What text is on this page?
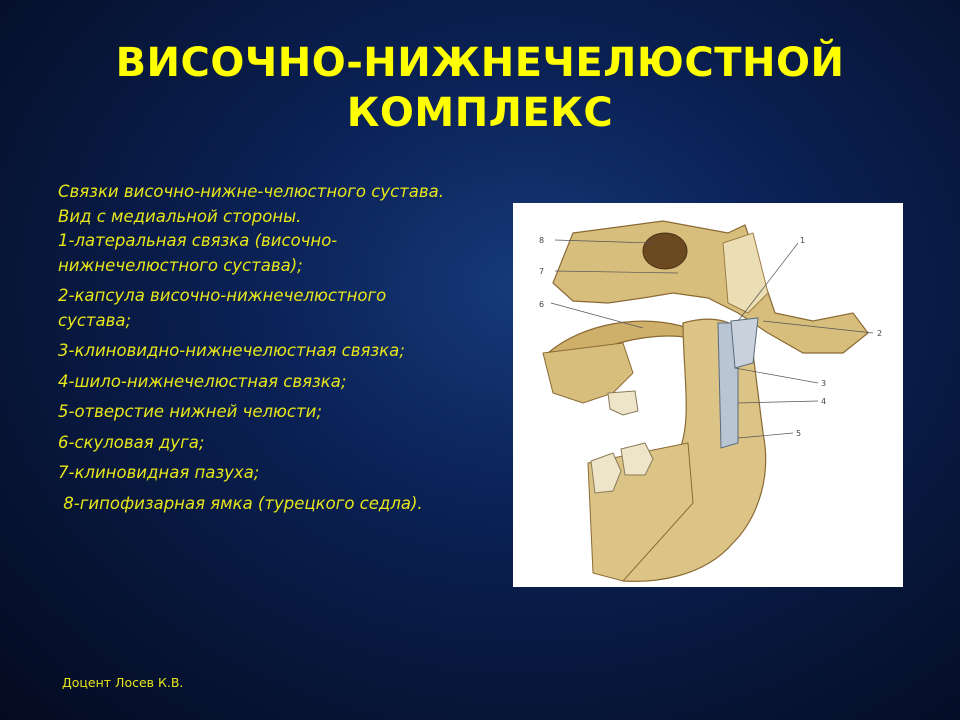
ВИСОЧНО-НИЖНЕЧЕЛЮСТНОЙ
КОМПЛЕКС

Связки височно-нижне-челюстного сустава.
Вид с медиальной стороны.
1-латеральная связка (височно-нижнечелюстного сустава);

2-капсула височно-нижнечелюстного сустава;

3-клиновидно-нижнечелюстная связка;

4-шило-нижнечелюстная связка;

5-отверстие нижней челюсти;

6-скуловая дуга;

7-клиновидная пазуха;

8-гипофизарная ямка (турецкого седла).

8
7
6
1
2
3
4
5
Доцент Лосев К.В.
